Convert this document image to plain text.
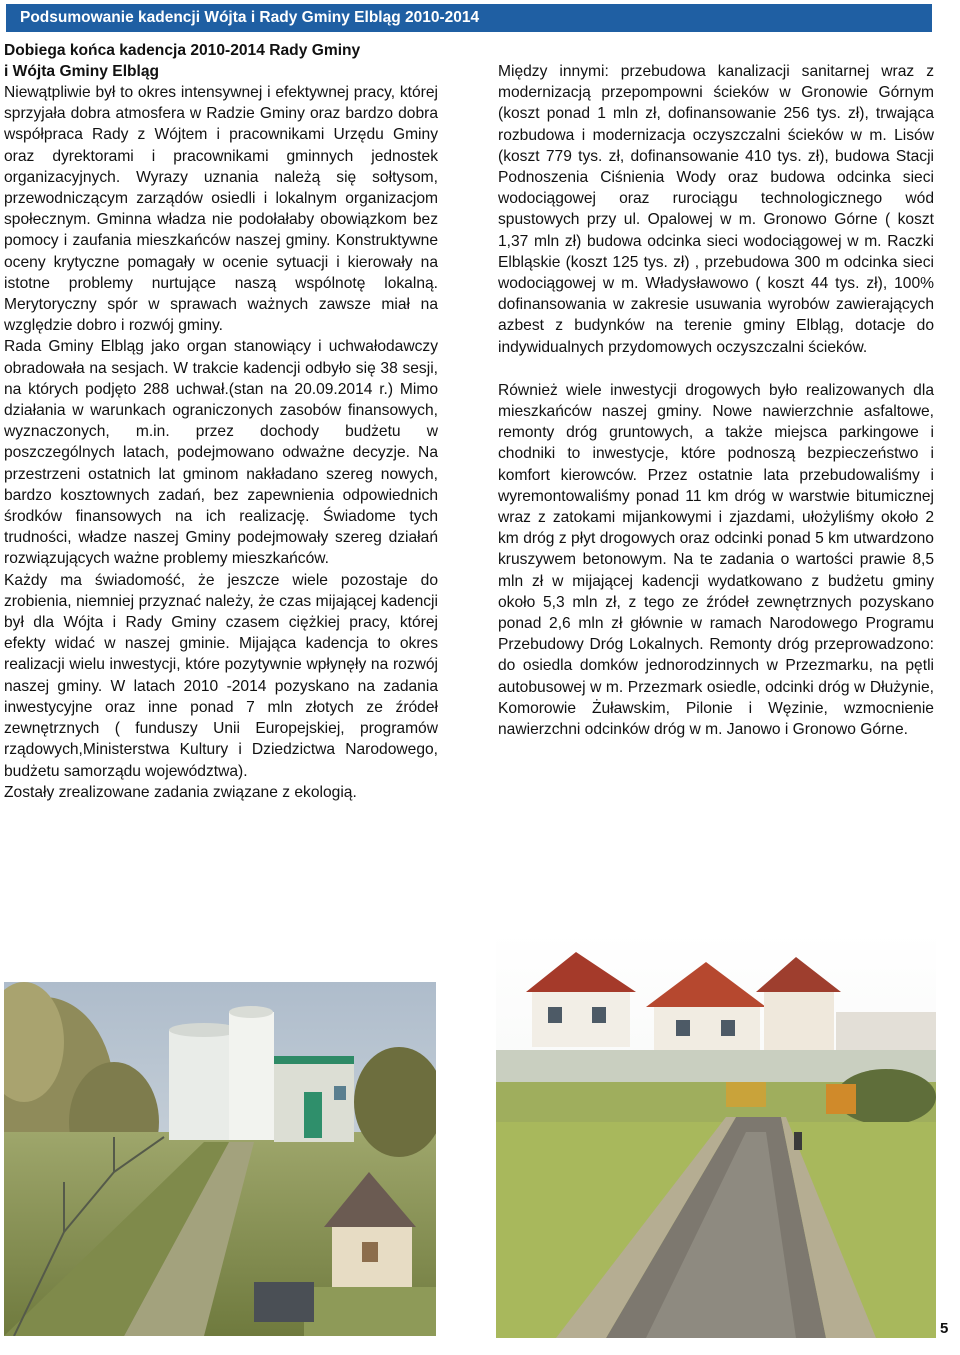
Podsumowanie kadencji Wójta i Rady Gminy Elbląg 2010-2014

Dobiega końca kadencja 2010-2014 Rady Gminy

i Wójta Gminy Elbląg

Niewątpliwie był to okres intensywnej i efektywnej pracy, której sprzyjała dobra atmosfera w Radzie Gminy oraz bardzo dobra współpraca Rady z Wójtem i pracownikami Urzędu Gminy oraz dyrektorami i pracownikami gminnych jednostek organizacyjnych. Wyrazy uznania należą się sołtysom, przewodniczącym zarządów osiedli i lokalnym organizacjom społecznym. Gminna władza nie podołałaby obowiązkom bez pomocy i zaufania mieszkańców naszej gminy. Konstruktywne oceny krytyczne pomagały w ocenie sytuacji i kierowały na istotne problemy nurtujące naszą wspólnotę lokalną. Merytoryczny spór w sprawach ważnych zawsze miał na względzie dobro i rozwój gminy.

Rada Gminy Elbląg jako organ stanowiący i uchwałodawczy obradowała na sesjach. W trakcie kadencji odbyło się 38 sesji, na których podjęto 288 uchwał.(stan na 20.09.2014 r.) Mimo działania w warunkach ograniczonych zasobów finansowych, wyznaczonych, m.in. przez dochody budżetu w poszczególnych latach, podejmowano odważne decyzje. Na przestrzeni ostatnich lat gminom nakładano szereg nowych, bardzo kosztownych zadań, bez zapewnienia odpowiednich środków finansowych na ich realizację. Świadome tych trudności, władze naszej Gminy podejmowały szereg działań rozwiązujących ważne problemy mieszkańców.

Każdy ma świadomość, że jeszcze wiele pozostaje do zrobienia, niemniej przyznać należy, że czas mijającej kadencji był dla Wójta i Rady Gminy czasem ciężkiej pracy, której efekty widać w naszej gminie. Mijająca kadencja to okres realizacji wielu inwestycji, które pozytywnie wpłynęły na rozwój naszej gminy. W latach 2010 -2014 pozyskano na zadania inwestycyjne oraz inne ponad 7 mln złotych ze źródeł zewnętrznych ( funduszy Unii Europejskiej, programów rządowych,Ministerstwa Kultury i Dziedzictwa Narodowego, budżetu samorządu województwa).

Zostały zrealizowane zadania związane z ekologią.

Między innymi: przebudowa kanalizacji sanitarnej wraz z modernizacją przepompowni ścieków w Gronowie Górnym (koszt ponad 1 mln zł, dofinansowanie 256 tys. zł), trwająca rozbudowa i modernizacja oczyszczalni ścieków w m. Lisów (koszt 779 tys. zł, dofinansowanie 410 tys. zł), budowa Stacji Podnoszenia Ciśnienia Wody oraz budowa odcinka sieci wodociągowej oraz rurociągu technologicznego wód spustowych przy ul. Opalowej w m. Gronowo Górne ( koszt 1,37 mln zł) budowa odcinka sieci wodociągowej w m. Raczki Elbląskie (koszt 125 tys. zł) , przebudowa 300 m odcinka sieci wodociągowej w m. Władysławowo ( koszt 44 tys. zł), 100% dofinansowania w zakresie usuwania wyrobów zawierających azbest z budynków na terenie gminy Elbląg, dotacje do indywidualnych przydomowych oczyszczalni ścieków.

Również wiele inwestycji drogowych było realizowanych dla mieszkańców naszej gminy. Nowe nawierzchnie asfaltowe, remonty dróg gruntowych, a także miejsca parkingowe i chodniki to inwestycje, które podnoszą bezpieczeństwo i komfort kierowców. Przez ostatnie lata przebudowaliśmy i wyremontowaliśmy ponad 11 km dróg w warstwie bitumicznej wraz z zatokami mijankowymi i zjazdami, ułożyliśmy około 2 km dróg z płyt drogowych oraz odcinki ponad 5 km utwardzono kruszywem betonowym. Na te zadania o wartości prawie 8,5 mln zł w mijającej kadencji wydatkowano z budżetu gminy około 5,3 mln zł, z tego ze źródeł zewnętrznych pozyskano ponad 2,6 mln zł głównie w ramach Narodowego Programu Przebudowy Dróg Lokalnych. Remonty dróg przeprowadzono: do osiedla domków jednorodzinnych w Przezmarku, na pętli autobusowej w m. Przezmark osiedle, odcinki dróg w Dłużynie, Komorowie Żuławskim, Pilonie i Węzinie, wzmocnienie nawierzchni odcinków dróg w m. Janowo i Gronowo Górne.

5
